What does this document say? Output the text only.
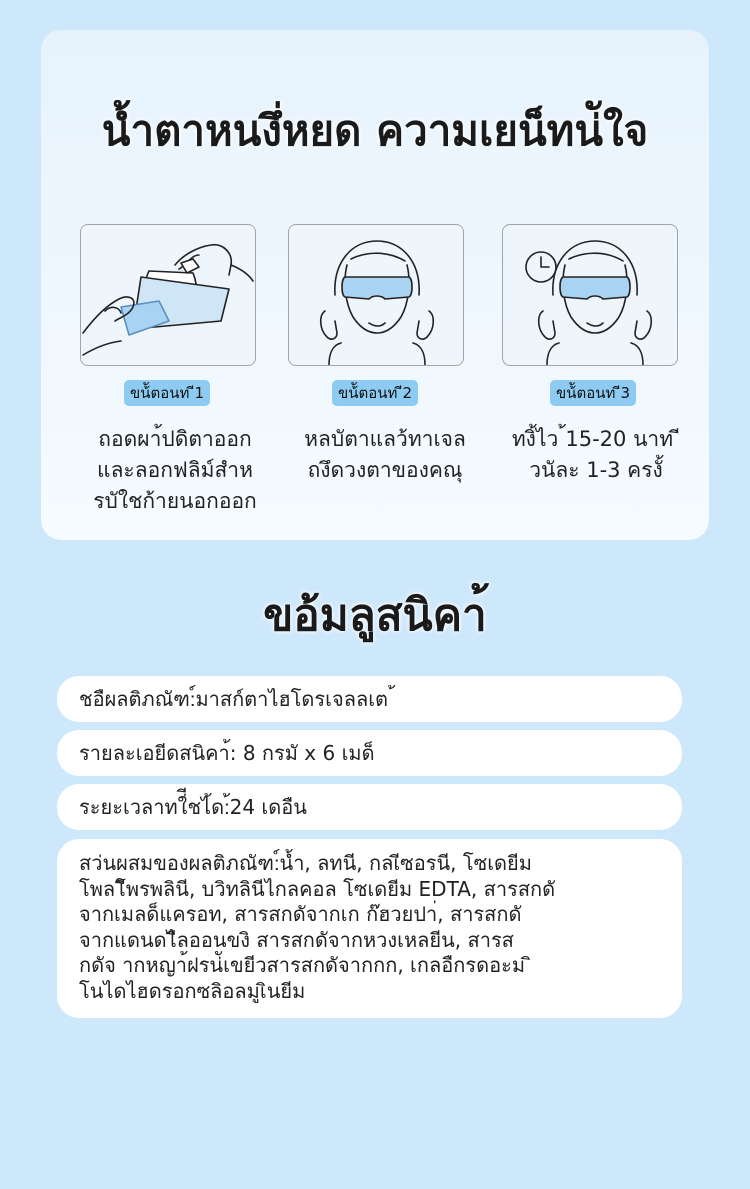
น้ำตาหนงึ่หยด ความเยน็ทน่ัใจ
ขน้ัตอนท ี1
ถอดผา้ปดิตาออก
และลอกฟลิม์สำห
รบัใชก้ายนอกออก
ขน้ัตอนท ี2
หลบัตาแลว้ทาเจล
ถงึดวงตาของคณุ
ขน้ัตอนท ี3
ทงิ้ไว ้15-20 นาท ี
วนัละ 1-3 ครงั้
ขอ้มลูสนิคา้
ชอืผลติภณัฑ:์มาสก์ตาไฮโดรเจลลเต ้
รายละเอยีดสนิคา้: 8 กรมั x 6 เมด็
ระยะเวลาทใ่ีชไ้ด:้24 เดอืน
สว่นผสมของผลติภณัฑ:์น้ำ, ลทนี, กลเีซอรนี, โซเดยีม
โพลโีพรพลินี, บวิทลินีไกลคอล โซเดยีม EDTA, สารสกดั
จากเมลด็แครอท, สารสกดัจากเก ก๊ฮวยปา่, สารสกดั
จากแดนดไีลออนขงิ สารสกดัจากหวงเหลยีน, สารส
กดัจ ากหญา้ฝรน่ัเขยีวสารสกดัจากกก, เกลอืกรดอะม ิ
โนไดไฮดรอกซลิอลมูเินยีม
